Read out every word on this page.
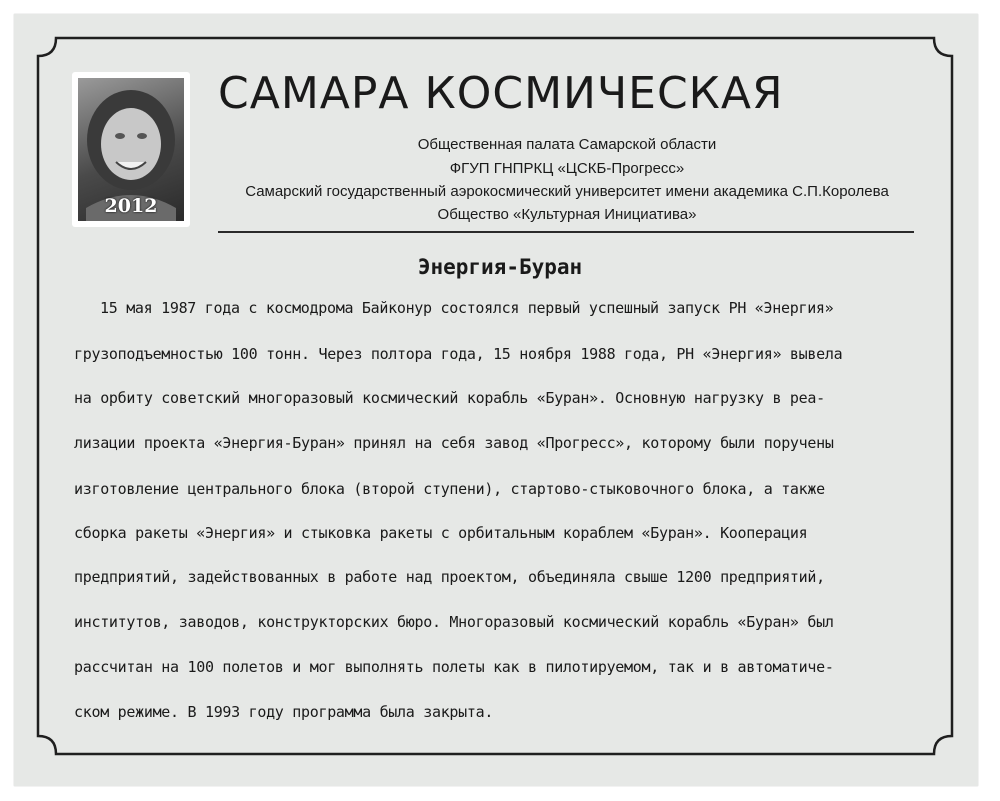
2012
САМАРА КОСМИЧЕСКАЯ
Общественная палата Самарской области
ФГУП ГНПРКЦ «ЦСКБ-Прогресс»
Самарский государственный аэрокосмический университет имени академика С.П.Королева
Общество «Культурная Инициатива»
Энергия-Буран
15 мая 1987 года с космодрома Байконур состоялся первый успешный запуск РН «Энергия»
грузоподъемностью 100 тонн. Через полтора года, 15 ноября 1988 года, РН «Энергия» вывела
на орбиту советский многоразовый космический корабль «Буран». Основную нагрузку в реа-
лизации проекта «Энергия-Буран» принял на себя завод «Прогресс», которому были поручены
изготовление центрального блока (второй ступени), стартово-стыковочного блока, а также
сборка ракеты «Энергия» и стыковка ракеты с орбитальным кораблем «Буран». Кооперация
предприятий, задействованных в работе над проектом, объединяла свыше 1200 предприятий,
институтов, заводов, конструкторских бюро. Многоразовый космический корабль «Буран» был
рассчитан на 100 полетов и мог выполнять полеты как в пилотируемом, так и в автоматиче-
ском режиме. В 1993 году программа была закрыта.
